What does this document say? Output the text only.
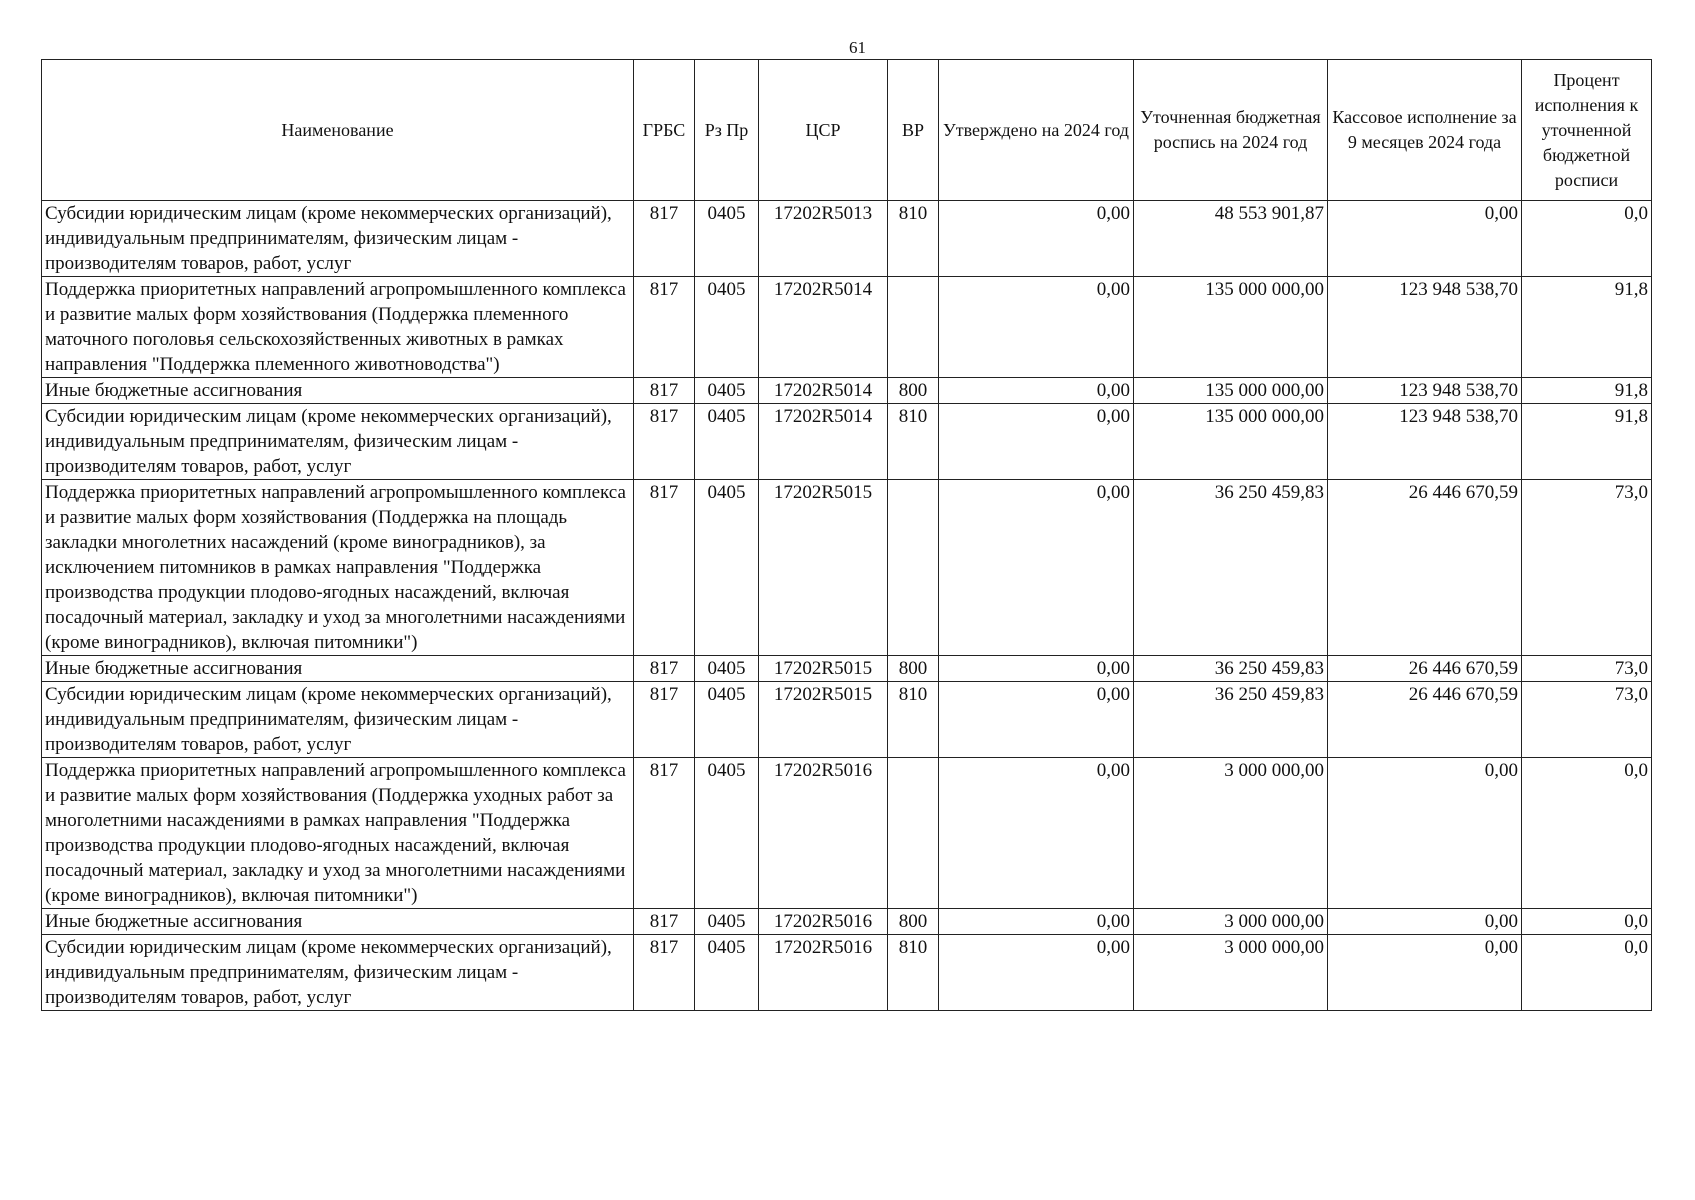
61
Наименование	ГРБС	Рз Пр	ЦСР	ВР	Утверждено на 2024 год	Уточненная бюджетная роспись на 2024 год	Кассовое исполнение за 9 месяцев 2024 года	Процент исполнения к уточненной бюджетной росписи
Субсидии юридическим лицам (кроме некоммерческих организаций), индивидуальным предпринимателям, физическим лицам - производителям товаров, работ, услуг	817	0405	17202R5013	810	0,00	48 553 901,87	0,00	0,0
Поддержка приоритетных направлений агропромышленного комплекса и развитие малых форм хозяйствования (Поддержка племенного маточного поголовья сельскохозяйственных животных в рамках направления "Поддержка племенного животноводства")	817	0405	17202R5014		0,00	135 000 000,00	123 948 538,70	91,8
Иные бюджетные ассигнования	817	0405	17202R5014	800	0,00	135 000 000,00	123 948 538,70	91,8
Субсидии юридическим лицам (кроме некоммерческих организаций), индивидуальным предпринимателям, физическим лицам - производителям товаров, работ, услуг	817	0405	17202R5014	810	0,00	135 000 000,00	123 948 538,70	91,8
Поддержка приоритетных направлений агропромышленного комплекса и развитие малых форм хозяйствования (Поддержка на площадь закладки многолетних насаждений (кроме виноградников), за исключением питомников в рамках направления "Поддержка производства продукции плодово-ягодных насаждений, включая посадочный материал, закладку и уход за многолетними насаждениями (кроме виноградников), включая питомники")	817	0405	17202R5015		0,00	36 250 459,83	26 446 670,59	73,0
Иные бюджетные ассигнования	817	0405	17202R5015	800	0,00	36 250 459,83	26 446 670,59	73,0
Субсидии юридическим лицам (кроме некоммерческих организаций), индивидуальным предпринимателям, физическим лицам - производителям товаров, работ, услуг	817	0405	17202R5015	810	0,00	36 250 459,83	26 446 670,59	73,0
Поддержка приоритетных направлений агропромышленного комплекса и развитие малых форм хозяйствования (Поддержка уходных работ за многолетними насаждениями в рамках направления "Поддержка производства продукции плодово-ягодных насаждений, включая посадочный материал, закладку и уход за многолетними насаждениями (кроме виноградников), включая питомники")	817	0405	17202R5016		0,00	3 000 000,00	0,00	0,0
Иные бюджетные ассигнования	817	0405	17202R5016	800	0,00	3 000 000,00	0,00	0,0
Субсидии юридическим лицам (кроме некоммерческих организаций), индивидуальным предпринимателям, физическим лицам - производителям товаров, работ, услуг	817	0405	17202R5016	810	0,00	3 000 000,00	0,00	0,0
